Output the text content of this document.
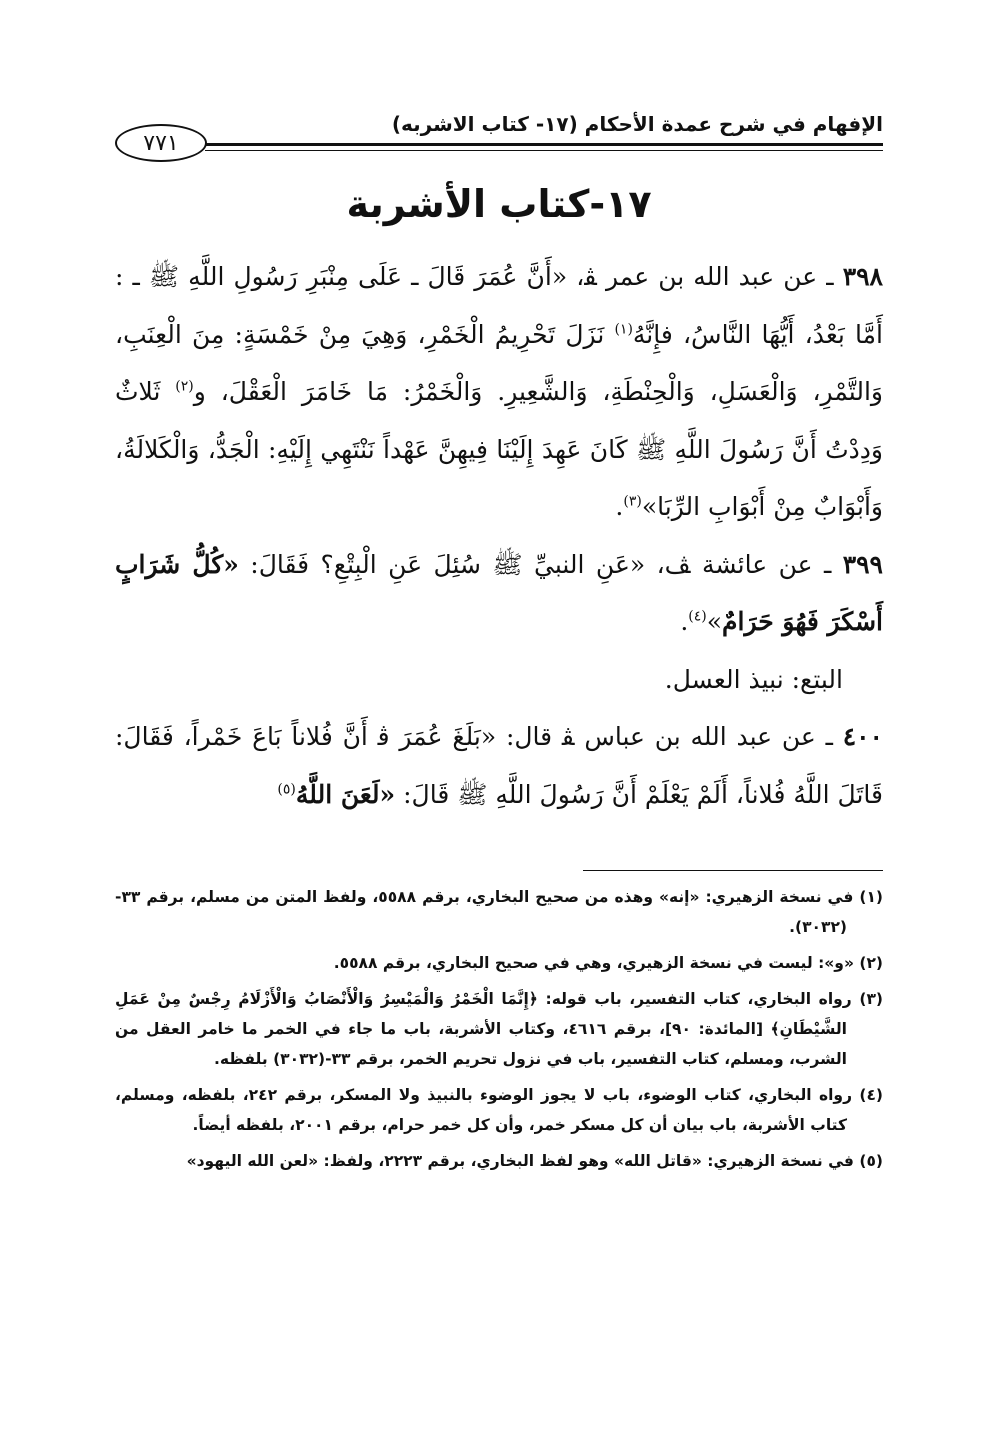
الإفهام في شرح عمدة الأحكام (١٧- كتاب الاشربه)
٧٧١
١٧-كتاب الأشربة

٣٩٨ ـ عن عبد الله بن عمر ﭭ، «أَنَّ عُمَرَ قَالَ ـ عَلَى مِنْبَرِ رَسُولِ اللَّهِ ﷺ ـ : أَمَّا بَعْدُ، أَيُّهَا النَّاسُ، فإِنَّهُ$^{(١)}$ نَزَلَ تَحْرِيمُ الْخَمْرِ، وَهِيَ مِنْ خَمْسَةٍ: مِنَ الْعِنَبِ، وَالتَّمْرِ، وَالْعَسَلِ، وَالْحِنْطَةِ، وَالشَّعِيرِ. وَالْخَمْرُ: مَا خَامَرَ الْعَقْلَ، و$^{(٢)}$ ثَلاثٌ وَدِدْتُ أَنَّ رَسُولَ اللَّهِ ﷺ كَانَ عَهِدَ إِلَيْنَا فِيهِنَّ عَهْداً نَنْتَهِي إِلَيْهِ: الْجَدُّ، وَالْكَلالَةُ، وَأَبْوَابٌ مِنْ أَبْوَابِ الرِّبَا»$^{(٣)}$.

٣٩٩ ـ عن عائشة ﭫ، «عَنِ النبيِّ ﷺ سُئِلَ عَنِ الْبِتْعِ؟ فَقَالَ: «كُلُّ شَرَابٍ أَسْكَرَ فَهُوَ حَرَامٌ»$^{(٤)}$.

البتع: نبيذ العسل.

٤٠٠ ـ عن عبد الله بن عباس ﭭ قال: «بَلَغَ عُمَرَ ﭬ أَنَّ فُلاناً بَاعَ خَمْراً، فَقَالَ: قَاتَلَ اللَّهُ فُلاناً، أَلَمْ يَعْلَمْ أَنَّ رَسُولَ اللَّهِ ﷺ قَالَ: «لَعَنَ اللَّهُ$^{(٥)}$

(١) في نسخة الزهيري: «إنه» وهذه من صحيح البخاري، برقم ٥٥٨٨، ولفظ المتن من مسلم، برقم ٣٣- (٣٠٣٢).

(٢) «و»: ليست في نسخة الزهيري، وهي في صحيح البخاري، برقم ٥٥٨٨.

(٣) رواه البخاري، كتاب التفسير، باب قوله: ﴿إِنَّمَا الْخَمْرُ وَالْمَيْسِرُ وَالْأَنْصَابُ وَالْأَزْلَامُ رِجْسٌ مِنْ عَمَلِ الشَّيْطَانِ﴾ [المائدة: ٩٠]، برقم ٤٦١٦، وكتاب الأشربة، باب ما جاء في الخمر ما خامر العقل من الشرب، ومسلم، كتاب التفسير، باب في نزول تحريم الخمر، برقم ٣٣-(٣٠٣٢) بلفظه.

(٤) رواه البخاري، كتاب الوضوء، باب لا يجوز الوضوء بالنبيذ ولا المسكر، برقم ٢٤٢، بلفظه، ومسلم، كتاب الأشربة، باب بيان أن كل مسكر خمر، وأن كل خمر حرام، برقم ٢٠٠١، بلفظه أيضاً.

(٥) في نسخة الزهيري: «قاتل الله» وهو لفظ البخاري، برقم ٢٢٢٣، ولفظ: «لعن الله اليهود»
